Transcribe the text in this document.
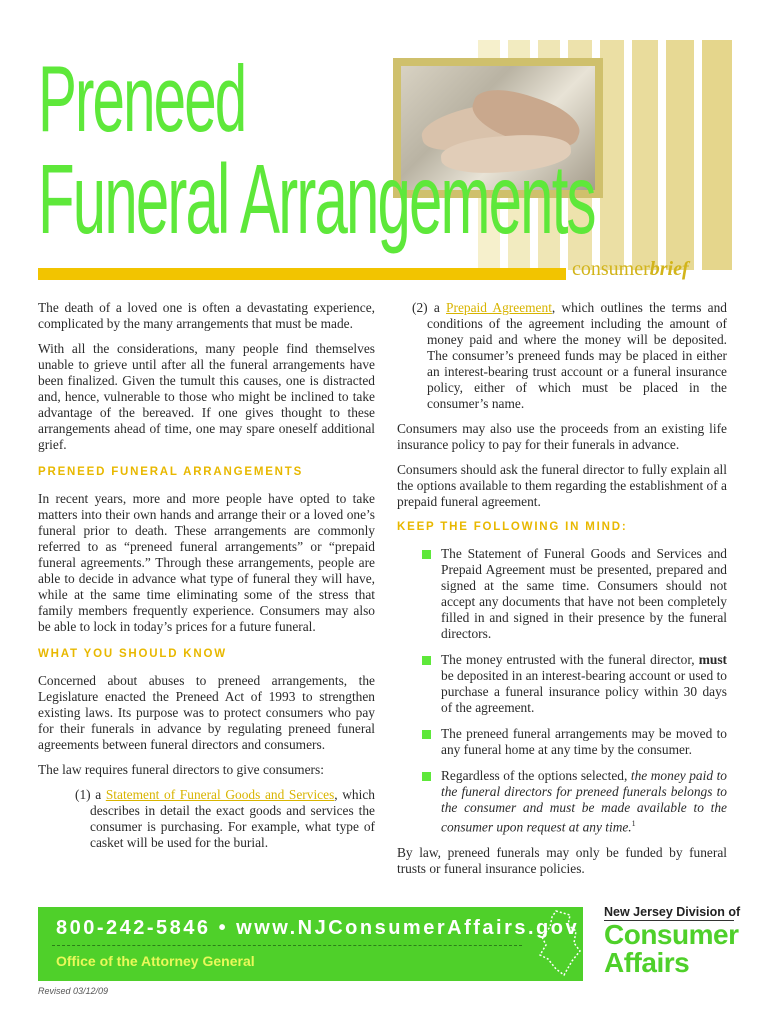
Preneed
Funeral Arrangements
consumerbrief

The death of a loved one is often a devastating experience, complicated by the many arrangements that must be made.

With all the considerations, many people find themselves unable to grieve until after all the funeral arrangements have been finalized. Given the tumult this causes, one is distracted and, hence, vulnerable to those who might be inclined to take advantage of the bereaved. If one gives thought to these arrangements ahead of time, one may spare oneself additional grief.

PRENEED FUNERAL ARRANGEMENTS

In recent years, more and more people have opted to take matters into their own hands and arrange their or a loved one’s funeral prior to death. These arrangements are commonly referred to as “preneed funeral arrangements” or “prepaid funeral agreements.” Through these arrangements, people are able to decide in advance what type of funeral they will have, while at the same time eliminating some of the stress that family members frequently experience. Consumers may also be able to lock in today’s prices for a future funeral.

WHAT YOU SHOULD KNOW

Concerned about abuses to preneed arrangements, the Legislature enacted the Preneed Act of 1993 to strengthen existing laws. Its purpose was to protect consumers who pay for their funerals in advance by regulating preneed funeral agreements between funeral directors and consumers.

The law requires funeral directors to give consumers:

(1) a Statement of Funeral Goods and Services, which describes in detail the exact goods and services the consumer is purchasing. For example, what type of casket will be used for the burial.

(2) a Prepaid Agreement, which outlines the terms and conditions of the agreement including the amount of money paid and where the money will be deposited. The consumer’s preneed funds may be placed in either an interest-bearing trust account or a funeral insurance policy, either of which must be placed in the consumer’s name.

Consumers may also use the proceeds from an existing life insurance policy to pay for their funerals in advance.

Consumers should ask the funeral director to fully explain all the options available to them regarding the establishment of a prepaid funeral agreement.

KEEP THE FOLLOWING IN MIND:
The Statement of Funeral Goods and Services and Prepaid Agreement must be presented, prepared and signed at the same time. Consumers should not accept any documents that have not been completely filled in and signed in their presence by the funeral directors.
The money entrusted with the funeral director, must be deposited in an interest-bearing account or used to purchase a funeral insurance policy within 30 days of the agreement.
The preneed funeral arrangements may be moved to any funeral home at any time by the consumer.
Regardless of the options selected, the money paid to the funeral directors for preneed funerals belongs to the consumer and must be made available to the consumer upon request at any time.$^1$

By law, preneed funerals may only be funded by funeral trusts or funeral insurance policies.

800-242-5846 • www.NJConsumerAffairs.gov
Office of the Attorney General
New Jersey Division of
Consumer
Affairs
Revised 03/12/09
